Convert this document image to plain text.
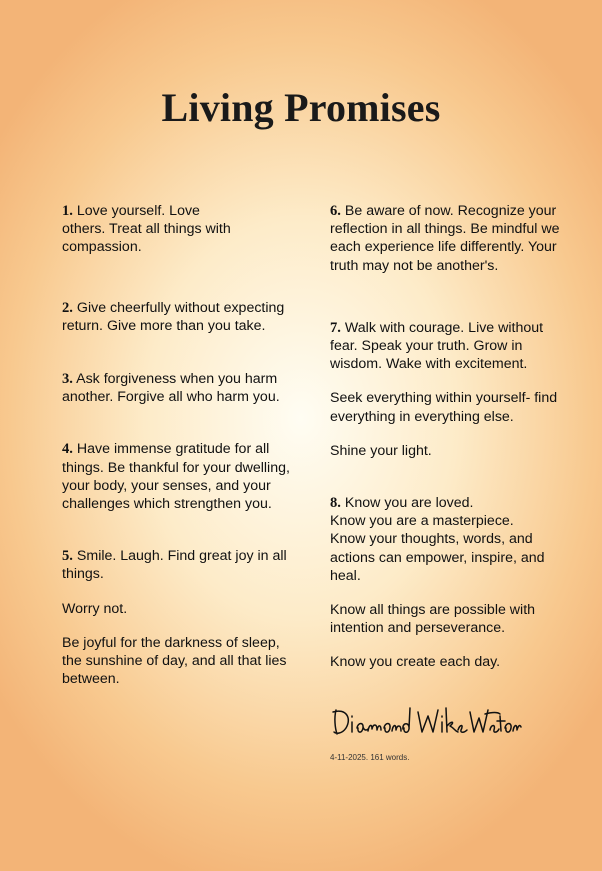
Living Promises
1. Love yourself. Love
others. Treat all things with compassion.
2. Give cheerfully without expecting return. Give more than you take.
3. Ask forgiveness when you harm another. Forgive all who harm you.
4. Have immense gratitude for all things. Be thankful for your dwelling, your body, your senses, and your challenges which strengthen you.
5. Smile. Laugh. Find great joy in all things.

Worry not.

Be joyful for the darkness of sleep, the sunshine of day, and all that lies between.

6. Be aware of now. Recognize your reflection in all things. Be mindful we each experience life differently. Your truth may not be another's.
7. Walk with courage. Live without fear. Speak your truth. Grow in wisdom. Wake with excitement.

Seek everything within yourself- find everything in everything else.

Shine your light.

8. Know you are loved.
Know you are a masterpiece.
Know your thoughts, words, and actions can empower, inspire, and heal.

Know all things are possible with intention and perseverance.

Know you create each day.

4-11-2025. 161 words.
